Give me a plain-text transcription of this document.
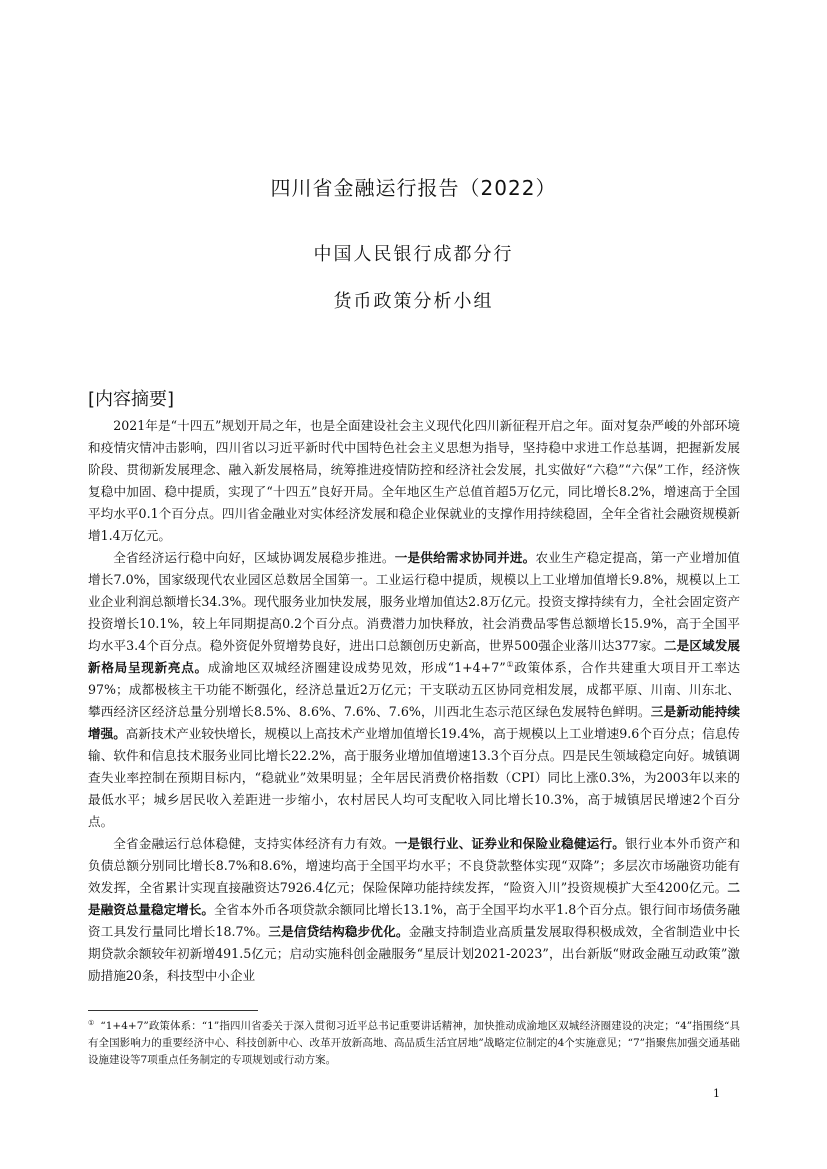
四川省金融运行报告（2022）
中国人民银行成都分行
货币政策分析小组
[内容摘要]

2021年是“十四五”规划开局之年，也是全面建设社会主义现代化四川新征程开启之年。面对复杂严峻的外部环境和疫情灾情冲击影响，四川省以习近平新时代中国特色社会主义思想为指导，坚持稳中求进工作总基调，把握新发展阶段、贯彻新发展理念、融入新发展格局，统筹推进疫情防控和经济社会发展，扎实做好“六稳”“六保”工作，经济恢复稳中加固、稳中提质，实现了“十四五”良好开局。全年地区生产总值首超5万亿元，同比增长8.2%，增速高于全国平均水平0.1个百分点。四川省金融业对实体经济发展和稳企业保就业的支撑作用持续稳固，全年全省社会融资规模新增1.4万亿元。

全省经济运行稳中向好，区域协调发展稳步推进。一是供给需求协同并进。农业生产稳定提高，第一产业增加值增长7.0%，国家级现代农业园区总数居全国第一。工业运行稳中提质，规模以上工业增加值增长9.8%，规模以上工业企业利润总额增长34.3%。现代服务业加快发展，服务业增加值达2.8万亿元。投资支撑持续有力，全社会固定资产投资增长10.1%，较上年同期提高0.2个百分点。消费潜力加快释放，社会消费品零售总额增长15.9%，高于全国平均水平3.4个百分点。稳外资促外贸增势良好，进出口总额创历史新高，世界500强企业落川达377家。二是区域发展新格局呈现新亮点。成渝地区双城经济圈建设成势见效，形成“1+4+7”①政策体系，合作共建重大项目开工率达97%；成都极核主干功能不断强化，经济总量近2万亿元；干支联动五区协同竞相发展，成都平原、川南、川东北、攀西经济区经济总量分别增长8.5%、8.6%、7.6%、7.6%，川西北生态示范区绿色发展特色鲜明。三是新动能持续增强。高新技术产业较快增长，规模以上高技术产业增加值增长19.4%，高于规模以上工业增速9.6个百分点；信息传输、软件和信息技术服务业同比增长22.2%，高于服务业增加值增速13.3个百分点。四是民生领域稳定向好。城镇调查失业率控制在预期目标内，“稳就业”效果明显；全年居民消费价格指数（CPI）同比上涨0.3%，为2003年以来的最低水平；城乡居民收入差距进一步缩小，农村居民人均可支配收入同比增长10.3%，高于城镇居民增速2个百分点。

全省金融运行总体稳健，支持实体经济有力有效。一是银行业、证券业和保险业稳健运行。银行业本外币资产和负债总额分别同比增长8.7%和8.6%，增速均高于全国平均水平；不良贷款整体实现“双降”；多层次市场融资功能有效发挥，全省累计实现直接融资达7926.4亿元；保险保障功能持续发挥，“险资入川”投资规模扩大至4200亿元。二是融资总量稳定增长。全省本外币各项贷款余额同比增长13.1%，高于全国平均水平1.8个百分点。银行间市场债务融资工具发行量同比增长18.7%。三是信贷结构稳步优化。金融支持制造业高质量发展取得积极成效，全省制造业中长期贷款余额较年初新增491.5亿元；启动实施科创金融服务“星辰计划2021-2023”，出台新版“财政金融互动政策”激励措施20条，科技型中小企业

① “1+4+7”政策体系：“1”指四川省委关于深入贯彻习近平总书记重要讲话精神，加快推动成渝地区双城经济圈建设的决定；“4”指围绕“具有全国影响力的重要经济中心、科技创新中心、改革开放新高地、高品质生活宜居地”战略定位制定的4个实施意见；“7”指聚焦加强交通基础设施建设等7项重点任务制定的专项规划或行动方案。
1
